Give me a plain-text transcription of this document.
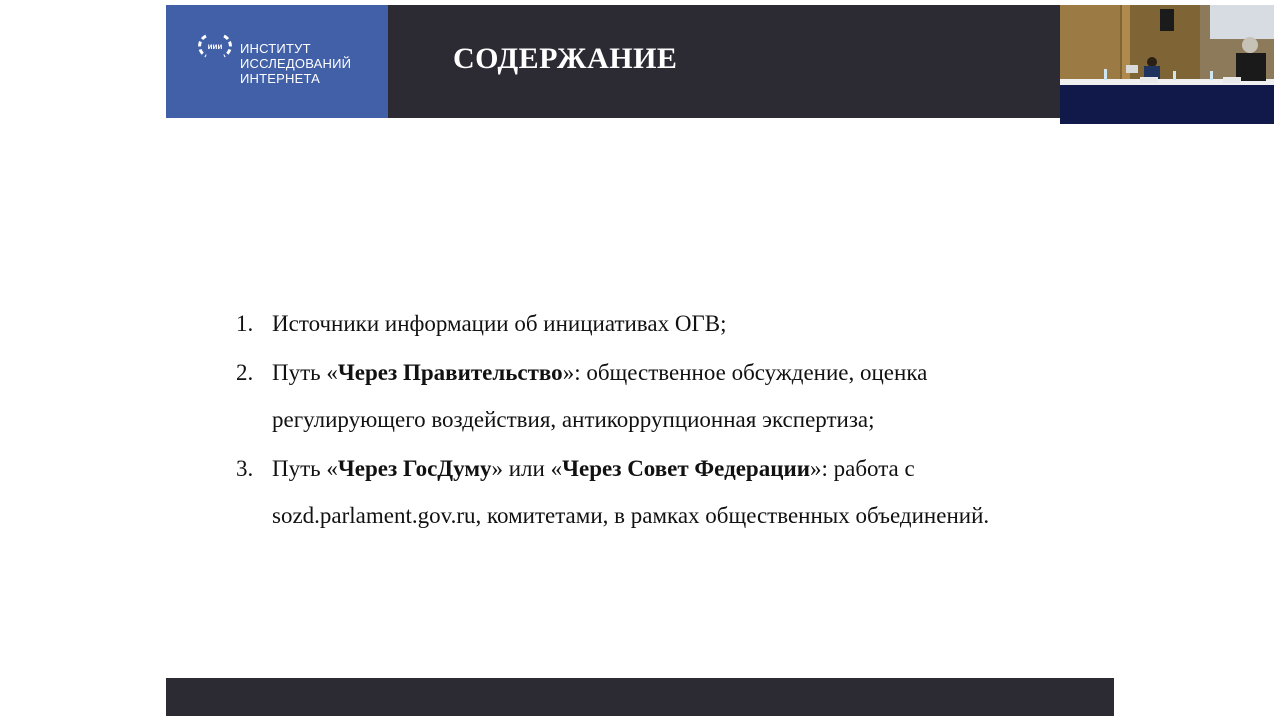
иии ИНСТИТУТ
ИССЛЕДОВАНИЙ
ИНТЕРНЕТА
СОДЕРЖАНИЕ
1. Источники информации об инициативах ОГВ;
2. Путь «Через Правительство»: общественное обсуждение, оценка регулирующего воздействия, антикоррупционная экспертиза;
3. Путь «Через ГосДуму» или «Через Совет Федерации»: работа с sozd.parlament.gov.ru, комитетами, в рамках общественных объединений.
